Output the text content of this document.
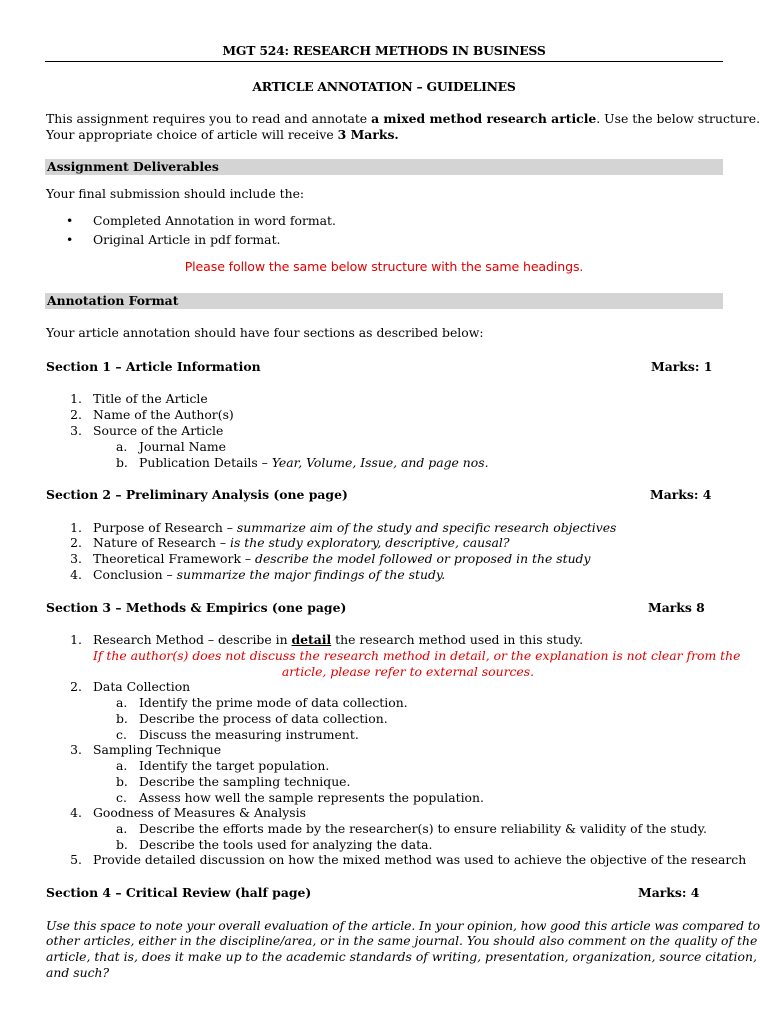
MGT 524: RESEARCH METHODS IN BUSINESS
ARTICLE ANNOTATION – GUIDELINES
This assignment requires you to read and annotate a mixed method research article. Use the below structure.
Your appropriate choice of article will receive 3 Marks.
Assignment Deliverables
Your final submission should include the:
• Completed Annotation in word format.
• Original Article in pdf format.
Please follow the same below structure with the same headings.
Annotation Format
Your article annotation should have four sections as described below:
Section 1 – Article Information	Marks: 1
1. Title of the Article
2. Name of the Author(s)
3. Source of the Article
a. Journal Name
b. Publication Details – Year, Volume, Issue, and page nos.
Section 2 – Preliminary Analysis (one page)	Marks: 4
1. Purpose of Research – summarize aim of the study and specific research objectives
2. Nature of Research – is the study exploratory, descriptive, causal?
3. Theoretical Framework – describe the model followed or proposed in the study
4. Conclusion – summarize the major findings of the study.
Section 3 – Methods & Empirics (one page)	Marks 8
1. Research Method – describe in detail the research method used in this study.
If the author(s) does not discuss the research method in detail, or the explanation is not clear from the
article, please refer to external sources.
2. Data Collection
a. Identify the prime mode of data collection.
b. Describe the process of data collection.
c. Discuss the measuring instrument.
3. Sampling Technique
a. Identify the target population.
b. Describe the sampling technique.
c. Assess how well the sample represents the population.
4. Goodness of Measures & Analysis
a. Describe the efforts made by the researcher(s) to ensure reliability & validity of the study.
b. Describe the tools used for analyzing the data.
5. Provide detailed discussion on how the mixed method was used to achieve the objective of the research
Section 4 – Critical Review (half page)	Marks: 4
Use this space to note your overall evaluation of the article. In your opinion, how good this article was compared to
other articles, either in the discipline/area, or in the same journal. You should also comment on the quality of the
article, that is, does it make up to the academic standards of writing, presentation, organization, source citation,
and such?
